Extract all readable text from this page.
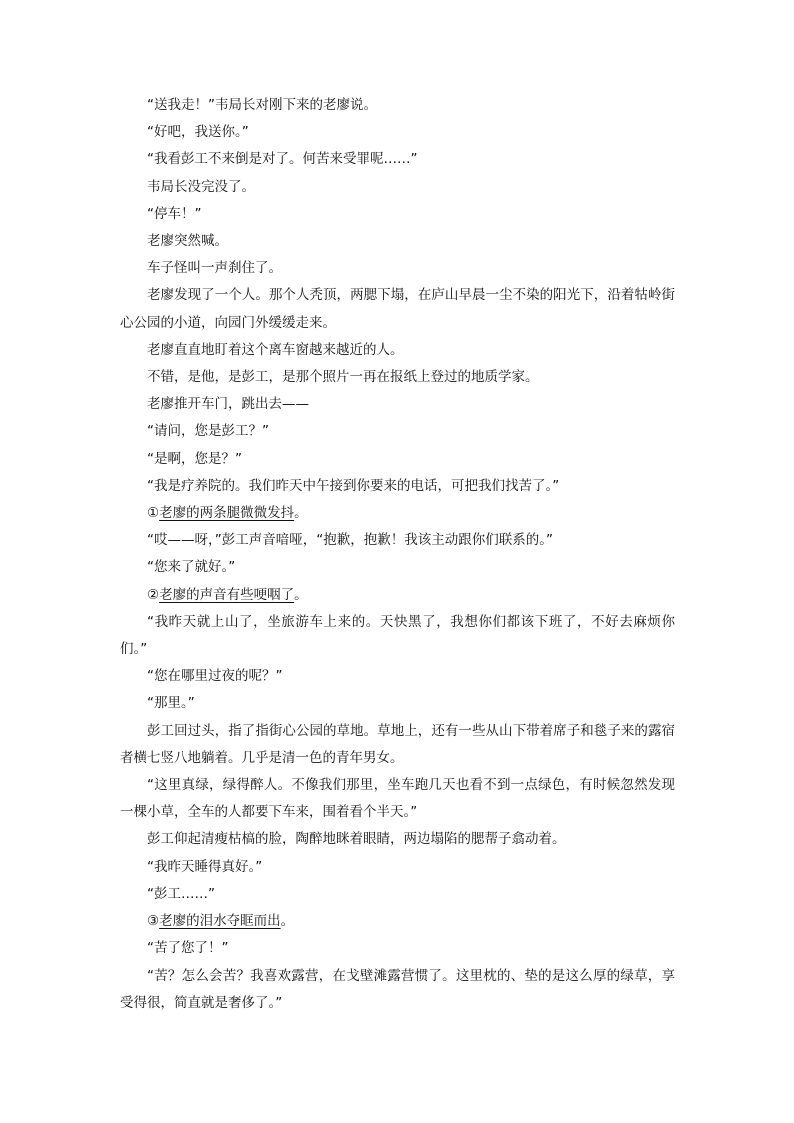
“送我走！”韦局长对刚下来的老廖说。

“好吧，我送你。”

“我看彭工不来倒是对了。何苦来受罪呢……”

韦局长没完没了。

“停车！”

老廖突然喊。

车子怪叫一声刹住了。

老廖发现了一个人。那个人秃顶，两腮下塌，在庐山早晨一尘不染的阳光下，沿着牯岭街心公园的小道，向园门外缓缓走来。

老廖直直地盯着这个离车窗越来越近的人。

不错，是他，是彭工，是那个照片一再在报纸上登过的地质学家。

老廖推开车门，跳出去——

“请问，您是彭工？”

“是啊，您是？”

“我是疗养院的。我们昨天中午接到你要来的电话，可把我们找苦了。”

①老廖的两条腿微微发抖。

“哎——呀，”彭工声音喑哑，“抱歉，抱歉！我该主动跟你们联系的。”

“您来了就好。”

②老廖的声音有些哽咽了。

“我昨天就上山了，坐旅游车上来的。天快黑了，我想你们都该下班了，不好去麻烦你们。”

“您在哪里过夜的呢？”

“那里。”

彭工回过头，指了指街心公园的草地。草地上，还有一些从山下带着席子和毯子来的露宿者横七竖八地躺着。几乎是清一色的青年男女。

“这里真绿，绿得醉人。不像我们那里，坐车跑几天也看不到一点绿色，有时候忽然发现一棵小草，全车的人都要下车来，围着看个半天。”

彭工仰起清瘦枯槁的脸，陶醉地眯着眼睛，两边塌陷的腮帮子翕动着。

“我昨天睡得真好。”

“彭工……”

③老廖的泪水夺眶而出。

“苦了您了！”

“苦？怎么会苦？我喜欢露营，在戈壁滩露营惯了。这里枕的、垫的是这么厚的绿草，享受得很，简直就是奢侈了。”
